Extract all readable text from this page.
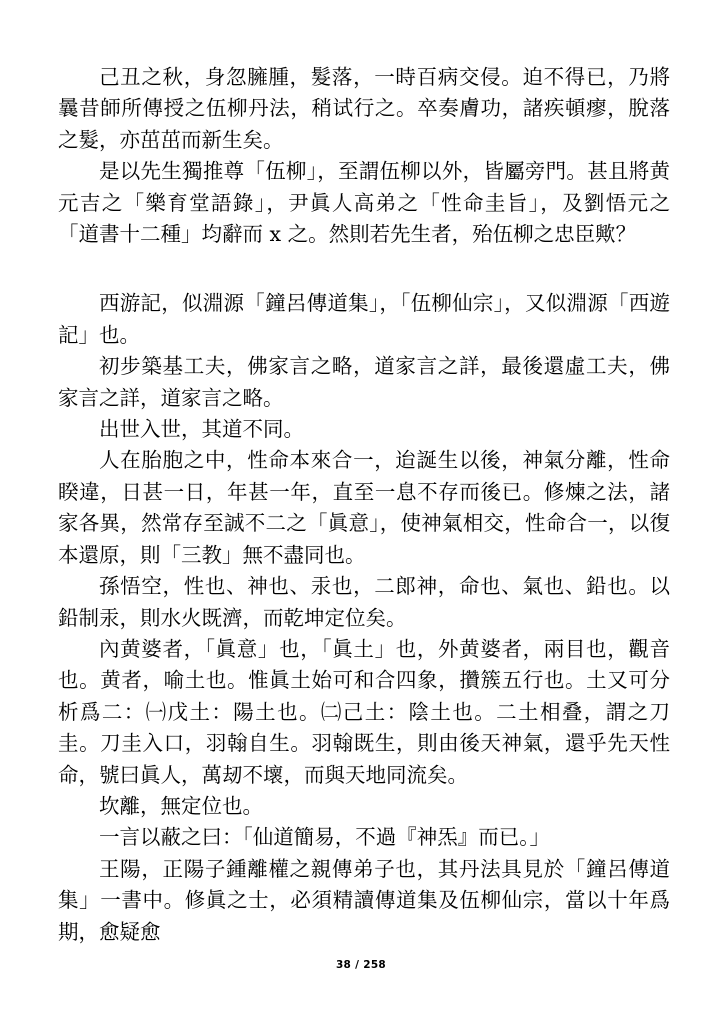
己丑之秋，身忽臃腫，髮落，一時百病交侵。迫不得已，乃將曩昔師所傳授之伍柳丹法，稍试行之。卒奏膚功，諸疾頓瘳，脫落之髮，亦茁茁而新生矣。

是以先生獨推尊「伍柳」，至謂伍柳以外，皆屬旁門。甚且將黄元吉之「樂育堂語錄」，尹眞人高弟之「性命圭旨」，及劉悟元之「道書十二種」均辭而 x 之。然則若先生者，殆伍柳之忠臣歟？

西游記，似淵源「鐘呂傳道集」，「伍柳仙宗」，又似淵源「西遊記」也。

初步築基工夫，佛家言之略，道家言之詳，最後還虛工夫，佛家言之詳，道家言之略。

出世入世，其道不同。

人在胎胞之中，性命本來合一，迨誕生以後，神氣分離，性命睽違，日甚一日，年甚一年，直至一息不存而後已。修煉之法，諸家各異，然常存至誠不二之「眞意」，使神氣相交，性命合一，以復本還原，則「三教」無不盡同也。

孫悟空，性也、神也、汞也，二郎神，命也、氣也、鉛也。以鉛制汞，則水火既濟，而乾坤定位矣。

內黄婆者，「眞意」也，「眞土」也，外黄婆者，兩目也，觀音也。黄者，喻土也。惟眞土始可和合四象，攢簇五行也。土又可分析爲二：㈠戊土：陽土也。㈡己土：陰土也。二土相叠，謂之刀圭。刀圭入口，羽翰自生。羽翰既生，則由後天神氣，還乎先天性命，號曰眞人，萬刼不壞，而與天地同流矣。

坎離，無定位也。

一言以蔽之曰：「仙道簡易，不過『神炁』而已。」

王陽，正陽子鍾離權之親傳弟子也，其丹法具見於「鐘呂傳道集」一書中。修眞之士，必須精讀傳道集及伍柳仙宗，當以十年爲期，愈疑愈

38 / 258
